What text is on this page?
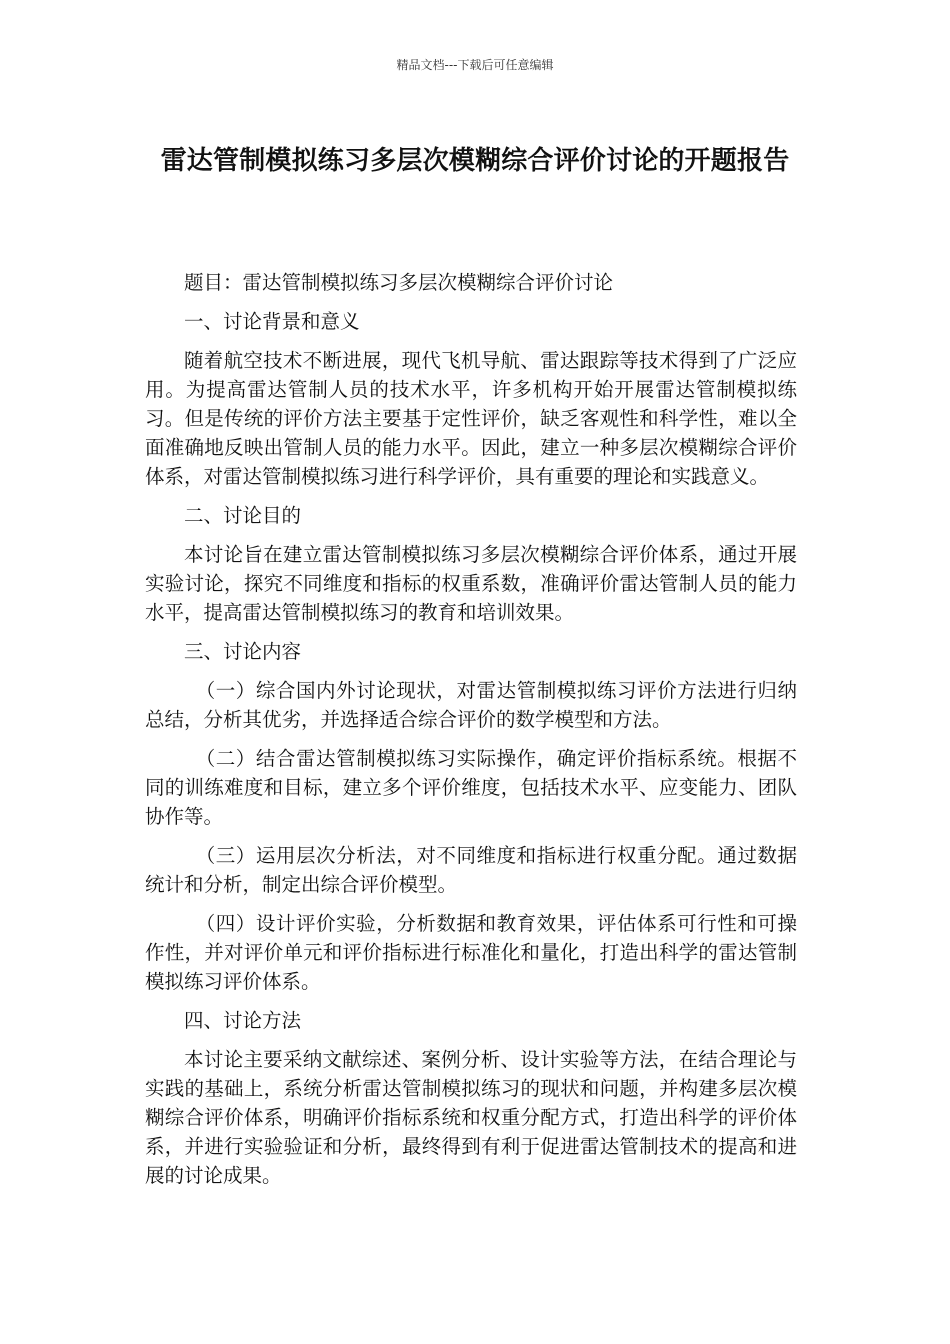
精品文档---下载后可任意编辑
雷达管制模拟练习多层次模糊综合评价讨论的开题报告

题目：雷达管制模拟练习多层次模糊综合评价讨论

一、讨论背景和意义

随着航空技术不断进展，现代飞机导航、雷达跟踪等技术得到了广泛应用。为提高雷达管制人员的技术水平，许多机构开始开展雷达管制模拟练习。但是传统的评价方法主要基于定性评价，缺乏客观性和科学性，难以全面准确地反映出管制人员的能力水平。因此，建立一种多层次模糊综合评价体系，对雷达管制模拟练习进行科学评价，具有重要的理论和实践意义。

二、讨论目的

本讨论旨在建立雷达管制模拟练习多层次模糊综合评价体系，通过开展实验讨论，探究不同维度和指标的权重系数，准确评价雷达管制人员的能力水平，提高雷达管制模拟练习的教育和培训效果。

三、讨论内容

（一）综合国内外讨论现状，对雷达管制模拟练习评价方法进行归纳总结，分析其优劣，并选择适合综合评价的数学模型和方法。

（二）结合雷达管制模拟练习实际操作，确定评价指标系统。根据不同的训练难度和目标，建立多个评价维度，包括技术水平、应变能力、团队协作等。

（三）运用层次分析法，对不同维度和指标进行权重分配。通过数据统计和分析，制定出综合评价模型。

（四）设计评价实验，分析数据和教育效果，评估体系可行性和可操作性，并对评价单元和评价指标进行标准化和量化，打造出科学的雷达管制模拟练习评价体系。

四、讨论方法

本讨论主要采纳文献综述、案例分析、设计实验等方法，在结合理论与实践的基础上，系统分析雷达管制模拟练习的现状和问题，并构建多层次模糊综合评价体系，明确评价指标系统和权重分配方式，打造出科学的评价体系，并进行实验验证和分析，最终得到有利于促进雷达管制技术的提高和进展的讨论成果。
